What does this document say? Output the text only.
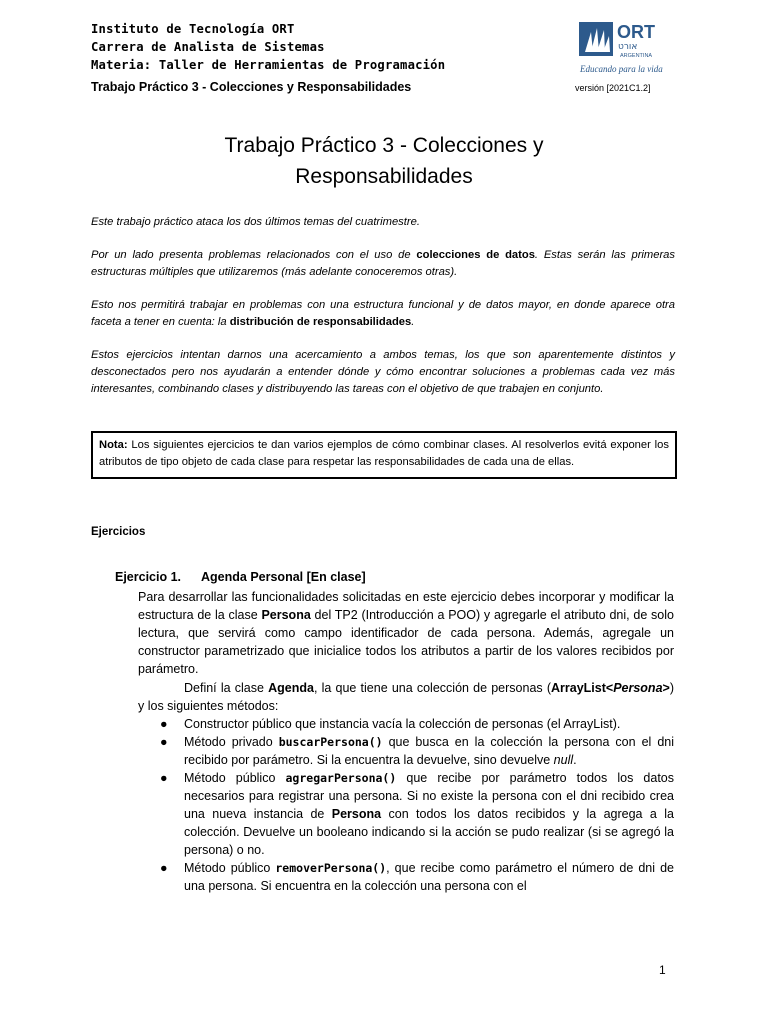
Instituto de Tecnología ORT
Carrera de Analista de Sistemas
Materia: Taller de Herramientas de Programación
Trabajo Práctico 3 - Colecciones y Responsabilidades	versión [2021C1.2]
ORT
אורט
ARGENTINA
Educando para la vida
Trabajo Práctico 3 - Colecciones y
Responsabilidades
Este trabajo práctico ataca los dos últimos temas del cuatrimestre.
Por un lado presenta problemas relacionados con el uso de colecciones de datos. Estas serán las primeras estructuras múltiples que utilizaremos (más adelante conoceremos otras).
Esto nos permitirá trabajar en problemas con una estructura funcional y de datos mayor, en donde aparece otra faceta a tener en cuenta: la distribución de responsabilidades.
Estos ejercicios intentan darnos una acercamiento a ambos temas, los que son aparentemente distintos y desconectados pero nos ayudarán a entender dónde y cómo encontrar soluciones a problemas cada vez más interesantes, combinando clases y distribuyendo las tareas con el objetivo de que trabajen en conjunto.
Nota: Los siguientes ejercicios te dan varios ejemplos de cómo combinar clases. Al resolverlos evitá exponer los atributos de tipo objeto de cada clase para respetar las responsabilidades de cada una de ellas.
Ejercicios
Ejercicio 1. Agenda Personal [En clase]
Para desarrollar las funcionalidades solicitadas en este ejercicio debes incorporar y modificar la estructura de la clase Persona del TP2 (Introducción a POO) y agregarle el atributo dni, de solo lectura, que servirá como campo identificador de cada persona. Además, agregale un constructor parametrizado que inicialice todos los atributos a partir de los valores recibidos por parámetro.
Definí la clase Agenda, la que tiene una colección de personas (ArrayList<Persona>) y los siguientes métodos:
● Constructor público que instancia vacía la colección de personas (el ArrayList).
● Método privado buscarPersona() que busca en la colección la persona con el dni recibido por parámetro. Si la encuentra la devuelve, sino devuelve null.
● Método público agregarPersona() que recibe por parámetro todos los datos necesarios para registrar una persona. Si no existe la persona con el dni recibido crea una nueva instancia de Persona con todos los datos recibidos y la agrega a la colección. Devuelve un booleano indicando si la acción se pudo realizar (si se agregó la persona) o no.
● Método público removerPersona(), que recibe como parámetro el número de dni de una persona. Si encuentra en la colección una persona con el
1
